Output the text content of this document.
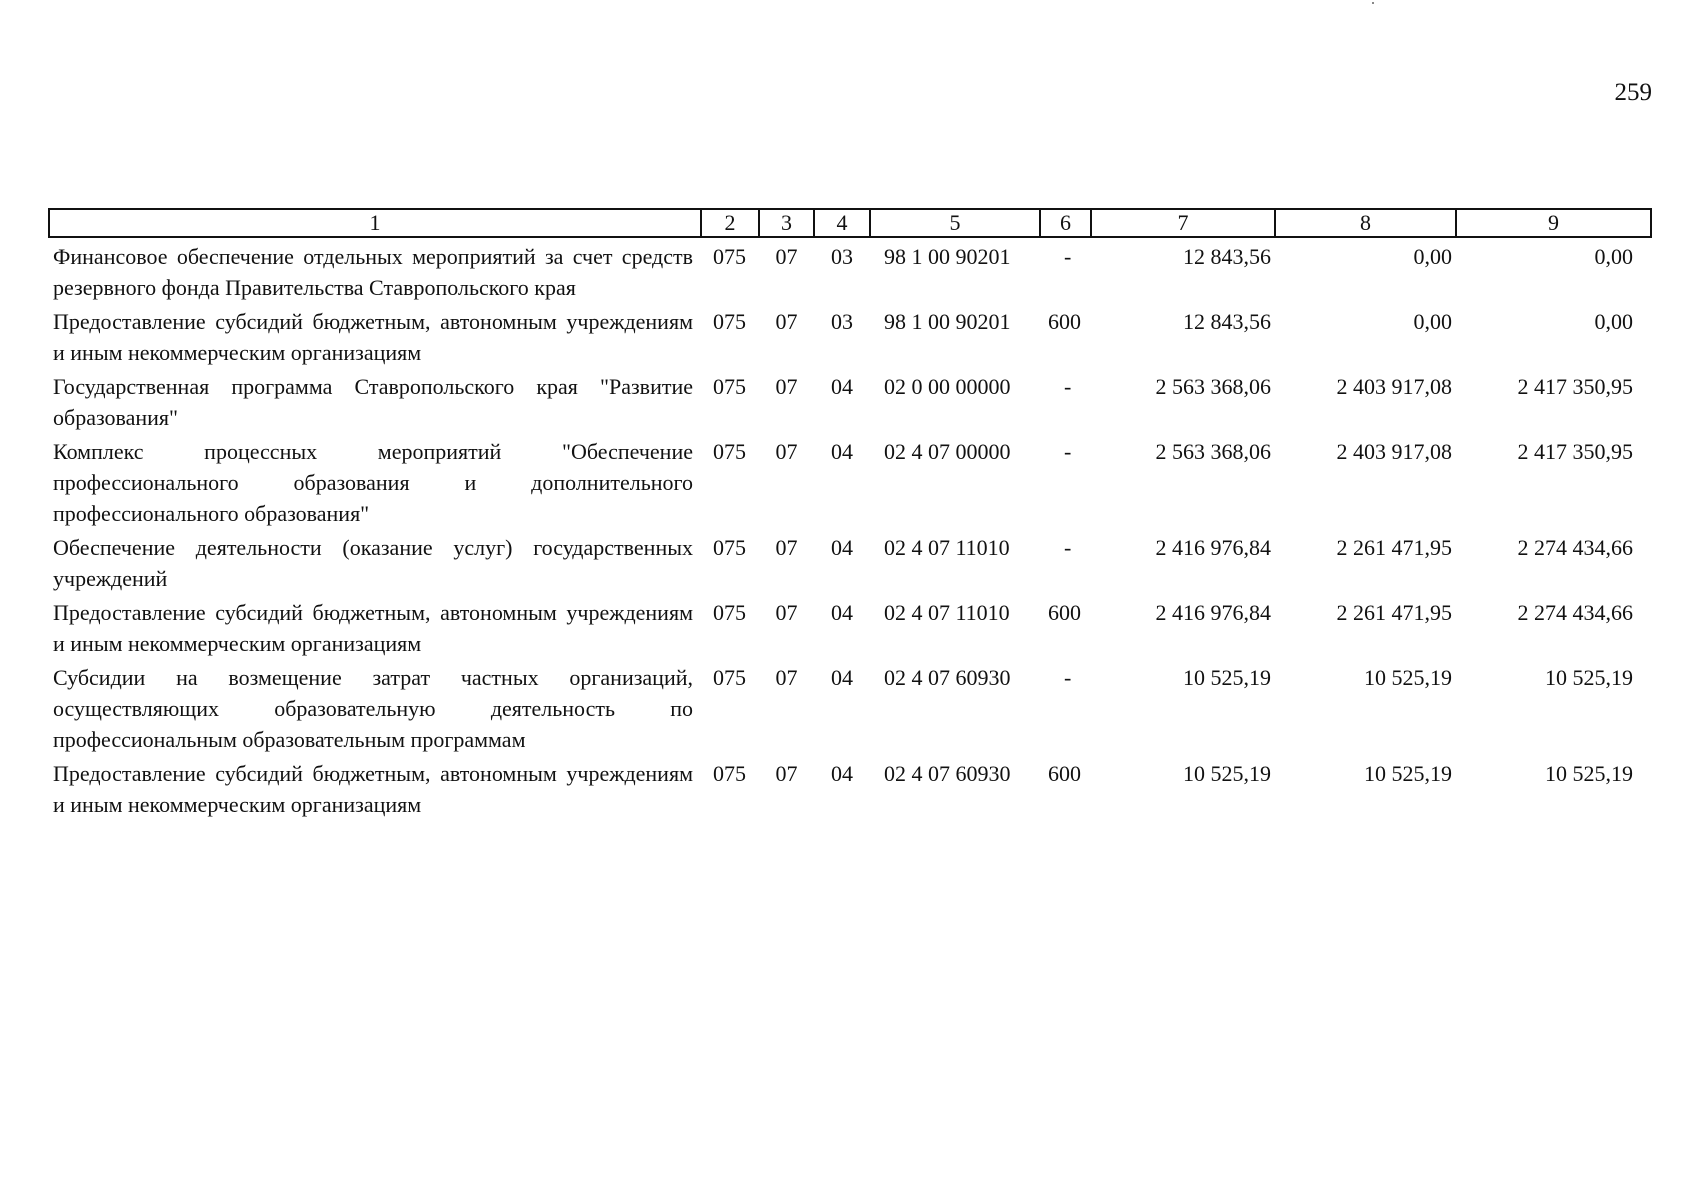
259
1	2	3	4	5	6	7	8	9
Финансовое обеспечение отдельных мероприятий за счет средств резервного фонда Правительства Ставропольского края	075	07	03	98 1 00 90201	-	12 843,56	0,00	0,00
Предоставление субсидий бюджетным, автономным учреждениям и иным некоммерческим организациям	075	07	03	98 1 00 90201	600	12 843,56	0,00	0,00
Государственная программа Ставропольского края "Развитие образования"	075	07	04	02 0 00 00000	-	2 563 368,06	2 403 917,08	2 417 350,95
Комплекс процессных мероприятий "Обеспечение профессионального образования и дополнительного профессионального образования"	075	07	04	02 4 07 00000	-	2 563 368,06	2 403 917,08	2 417 350,95
Обеспечение деятельности (оказание услуг) государственных учреждений	075	07	04	02 4 07 11010	-	2 416 976,84	2 261 471,95	2 274 434,66
Предоставление субсидий бюджетным, автономным учреждениям и иным некоммерческим организациям	075	07	04	02 4 07 11010	600	2 416 976,84	2 261 471,95	2 274 434,66
Субсидии на возмещение затрат частных организаций, осуществляющих образовательную деятельность по профессиональным образовательным программам	075	07	04	02 4 07 60930	-	10 525,19	10 525,19	10 525,19
Предоставление субсидий бюджетным, автономным учреждениям и иным некоммерческим организациям	075	07	04	02 4 07 60930	600	10 525,19	10 525,19	10 525,19
